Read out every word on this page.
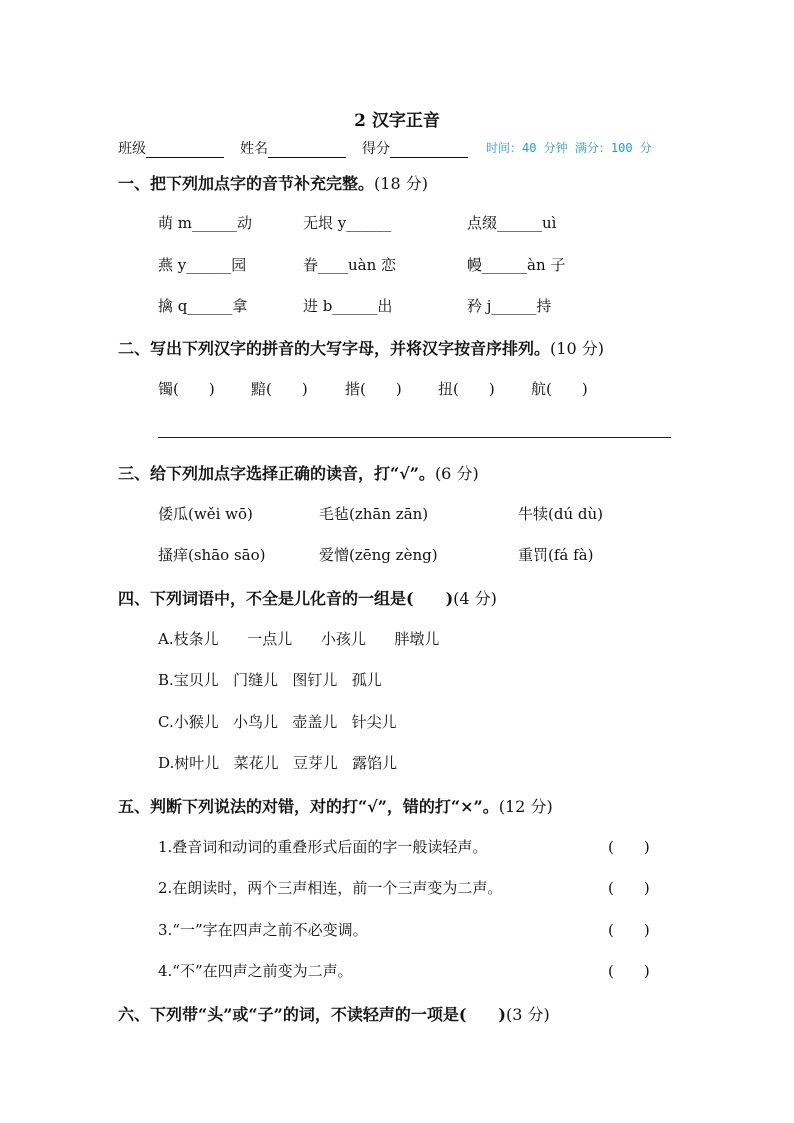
2 汉字正音
班级	姓名	得分	时间：40 分钟 满分：100 分
一、把下列加点字的音节补充完整。(18 分)
萌 m______动	无垠 y______	点缀______uì
燕 y______园	眷____uàn 恋	幔______àn 子
擒 q______拿	进 b______出	矜 j______持
二、写出下列汉字的拼音的大写字母，并将汉字按音序排列。(10 分)
镯(　　) 黯(　　) 揩(　　) 扭(　　) 航(　　)
三、给下列加点字选择正确的读音，打“√”。(6 分)
倭瓜(wěi wō)	毛毡(zhān zān)	牛犊(dú dù)
搔痒(shāo sāo)	爱憎(zēng zèng)	重罚(fá fà)
四、下列词语中，不全是儿化音的一组是(　　)(4 分)
A.枝条儿      一点儿      小孩儿      胖墩儿
B.宝贝儿   门缝儿   图钉儿   孤儿
C.小猴儿   小鸟儿   壶盖儿   针尖儿
D.树叶儿   菜花儿   豆芽儿   露馅儿
五、判断下列说法的对错，对的打“√”，错的打“×”。(12 分)
1.叠音词和动词的重叠形式后面的字一般读轻声。	(　　)
2.在朗读时，两个三声相连，前一个三声变为二声。	(　　)
3.“一”字在四声之前不必变调。	(　　)
4.“不”在四声之前变为二声。	(　　)
六、下列带“头”或“子”的词，不读轻声的一项是(　　)(3 分)
